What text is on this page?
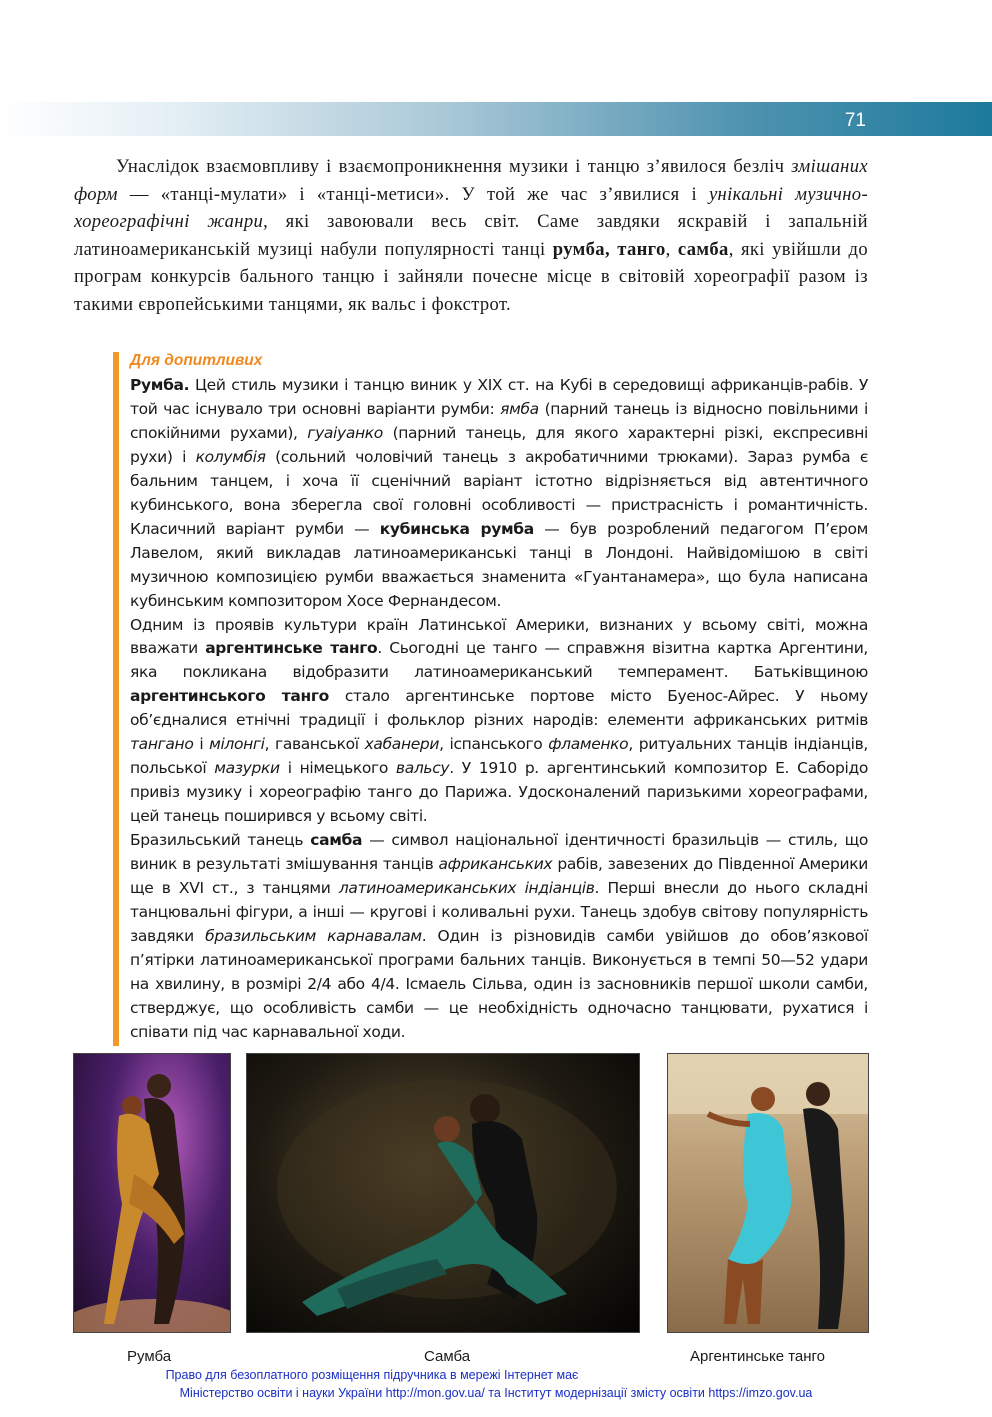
71
Унаслідок взаємовпливу і взаємопроникнення музики і танцю з’явилося безліч змішаних форм — «танці-мулати» і «танці-метиси». У той же час з’явилися і унікальні музично-хореографічні жанри, які завоювали весь світ. Саме завдяки яскравій і запальній латиноамериканській музиці набули популярності танці румба, танго, самба, які увійшли до програм конкурсів бального танцю і зайняли почесне місце в світовій хореографії разом із такими європейськими танцями, як вальс і фокстрот.
Для допитливих

Румба. Цей стиль музики і танцю виник у ХІХ ст. на Кубі в середовищі африканців-рабів. У той час існувало три основні варіанти румби: ямба (парний танець із відносно повільними і спокійними рухами), гуаіуанко (парний танець, для якого характерні різкі, експресивні рухи) і колумбія (сольний чоловічий танець з акробатичними трюками). Зараз румба є бальним танцем, і хоча її сценічний варіант істотно відрізняється від автентичного кубинського, вона зберегла свої головні особливості — пристрасність і романтичність. Класичний варіант румби — кубинська румба — був розроблений педагогом П’єром Лавелом, який викладав латиноамериканські танці в Лондоні. Найвідомішою в світі музичною композицією румби вважається знаменита «Гуантанамера», що була написана кубинським композитором Хосе Фернандесом.

Одним із проявів культури країн Латинської Америки, визнаних у всьому світі, можна вважати аргентинське танго. Сьогодні це танго — справжня візитна картка Аргентини, яка покликана відобразити латиноамериканський темперамент. Батьківщиною аргентинського танго стало аргентинське портове місто Буенос-Айрес. У ньому об’єдналися етнічні традиції і фольклор різних народів: елементи африканських ритмів тангано і мілонгі, гаванської хабанери, іспанського фламенко, ритуальних танців індіанців, польської мазурки і німецького вальсу. У 1910 р. аргентинський композитор Е. Саборідо привіз музику і хореографію танго до Парижа. Удосконалений паризькими хореографами, цей танець поширився у всьому світі.

Бразильський танець самба — символ національної ідентичності бразильців — стиль, що виник в результаті змішування танців африканських рабів, завезених до Південної Америки ще в XVI ст., з танцями латиноамериканських індіанців. Перші внесли до нього складні танцювальні фігури, а інші — кругові і коливальні рухи. Танець здобув світову популярність завдяки бразильським карнавалам. Один із різновидів самби увійшов до обов’язкової п’ятірки латиноамериканської програми бальних танців. Виконується в темпі 50—52 удари на хвилину, в розмірі 2/4 або 4/4. Ісмаель Сільва, один із засновників першої школи самби, стверджує, що особливість самби — це необхідність одночасно танцювати, рухатися і співати під час карнавальної ходи.

Румба	Самба	Аргентинське танго
Право для безоплатного розміщення підручника в мережі Інтернет має
Міністерство освіти і науки України http://mon.gov.ua/ та Інститут модернізації змісту освіти https://imzo.gov.ua
